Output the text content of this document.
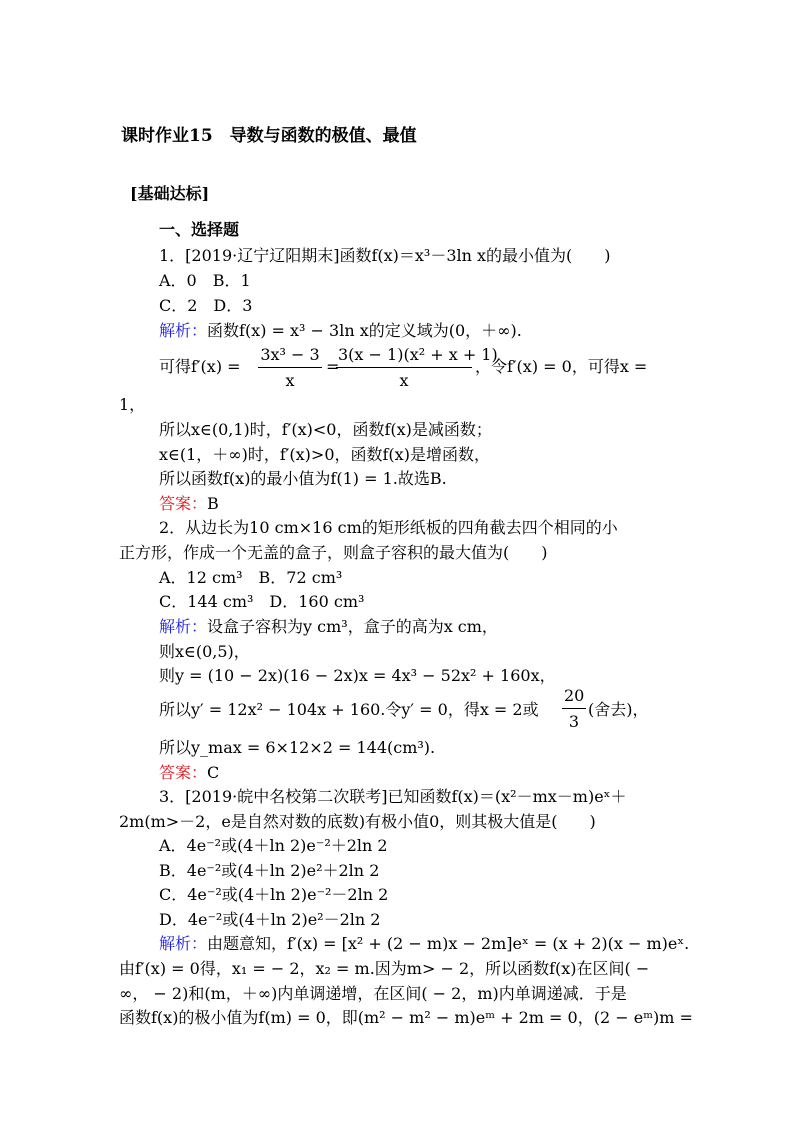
课时作业15　导数与函数的极值、最值
[基础达标]
一、选择题
1．[2019·辽宁辽阳期末]函数f(x)＝x³－3ln x的最小值为(　　)
A．0　B．1
C．2　D．3
解析：函数f(x) = x³ − 3ln x的定义域为(0，＋∞).
可得$f'(x) = \frac{\text{3x³ − 3}}{x}$ =
$\frac{\text{3(x − 1)(x² + x + 1)}}{x}$ ，令f′(x) = 0，可得x =
1，
所以x∈(0,1)时，f′(x)<0，函数f(x)是减函数；
x∈(1，＋∞)时，f′(x)>0，函数f(x)是增函数，
所以函数f(x)的最小值为f(1) = 1.故选B.
答案：B
2．从边长为10 cm×16 cm的矩形纸板的四角截去四个相同的小
正方形，作成一个无盖的盒子，则盒子容积的最大值为(　　)
A．12 cm³　B．72 cm³
C．144 cm³　D．160 cm³
解析：设盒子容积为y cm³，盒子的高为x cm，
则x∈(0,5)，
则y = (10 − 2x)(16 − 2x)x = 4x³ − 52x² + 160x，
所以y′ = 12x² − 104x + 160.令y′ = 0，得x = 2或 $\frac{20}{3}$ (舍去)，
所以y_max = 6×12×2 = 144(cm³).
答案：C
3．[2019·皖中名校第二次联考]已知函数f(x)＝(x²－mx－m)eˣ＋
2m(m>－2，e是自然对数的底数)有极小值0，则其极大值是(　　)
A．4e⁻²或(4＋ln 2)e⁻²＋2ln 2
B．4e⁻²或(4＋ln 2)e²＋2ln 2
C．4e⁻²或(4＋ln 2)e⁻²－2ln 2
D．4e⁻²或(4＋ln 2)e²－2ln 2
解析：由题意知，f′(x) = [x² + (2 − m)x − 2m]eˣ = (x + 2)(x − m)eˣ.
由f′(x) = 0得，x₁ = − 2，x₂ = m.因为m> − 2，所以函数f(x)在区间( −
∞， − 2)和(m，＋∞)内单调递增，在区间( − 2，m)内单调递减．于是
函数f(x)的极小值为f(m) = 0，即(m² − m² − m)eᵐ + 2m = 0，(2 − eᵐ)m =
